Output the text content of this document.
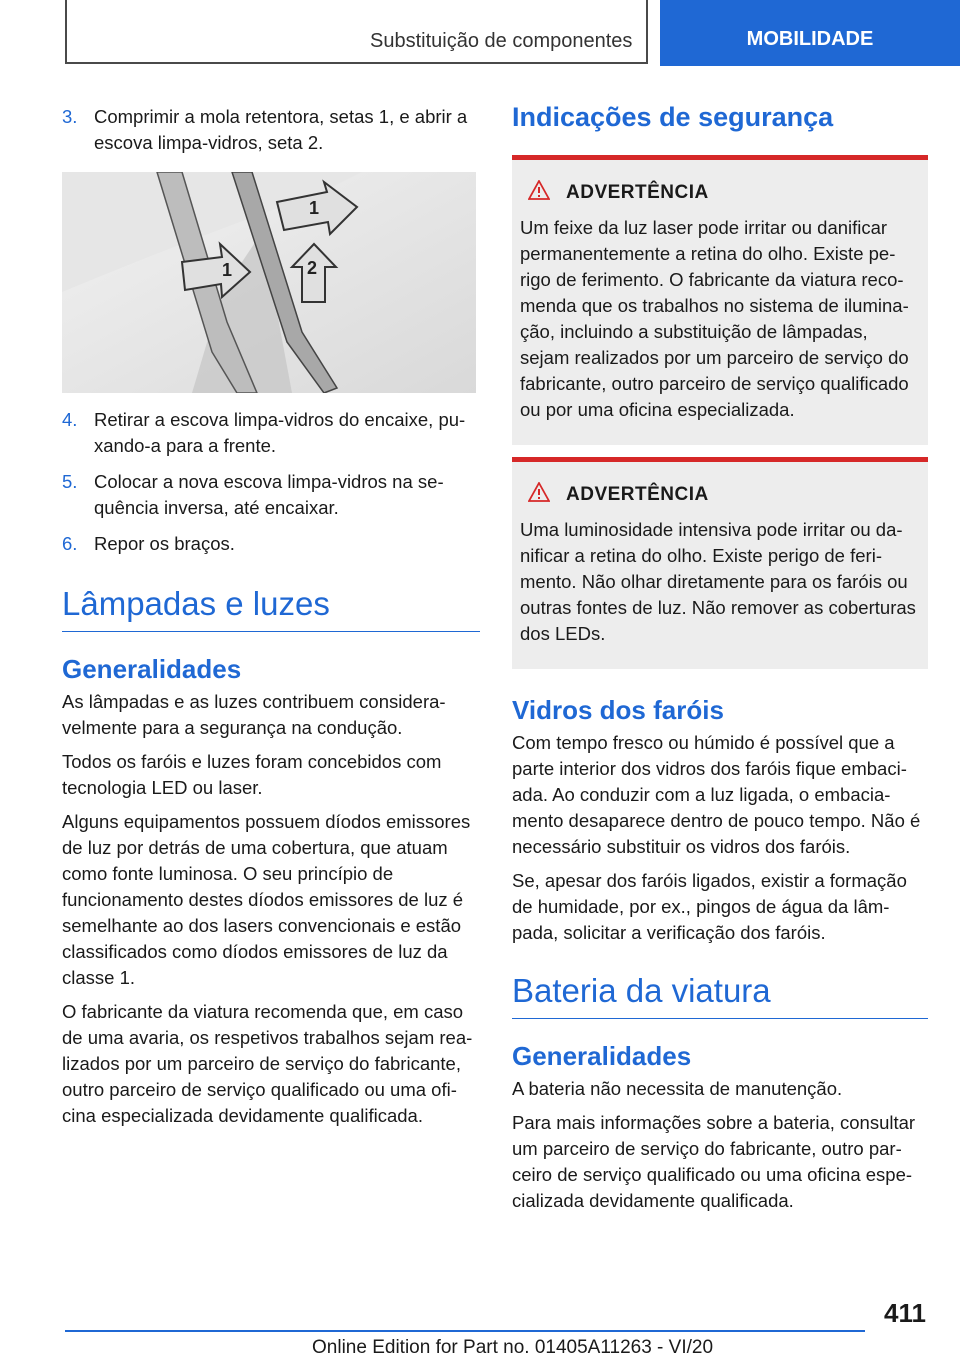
Substituição de componentes	MOBILIDADE
3. Comprimir a mola retentora, setas 1, e abrir a escova limpa-vidros, seta 2.
1
1	2
4. Retirar a escova limpa-vidros do encaixe, puxando-a para a frente.
5. Colocar a nova escova limpa-vidros na sequência inversa, até encaixar.
6. Repor os braços.
Lâmpadas e luzes
Generalidades

As lâmpadas e as luzes contribuem consideravelmente para a segurança na condução.

Todos os faróis e luzes foram concebidos com tecnologia LED ou laser.

Alguns equipamentos possuem díodos emissores de luz por detrás de uma cobertura, que atuam como fonte luminosa. O seu princípio de funcionamento destes díodos emissores de luz é semelhante ao dos lasers convencionais e estão classificados como díodos emissores de luz da classe 1.

O fabricante da viatura recomenda que, em caso de uma avaria, os respetivos trabalhos sejam realizados por um parceiro de serviço do fabricante, outro parceiro de serviço qualificado ou uma oficina especializada devidamente qualificada.

Indicações de segurança
ADVERTÊNCIA

Um feixe da luz laser pode irritar ou danificar permanentemente a retina do olho. Existe perigo de ferimento. O fabricante da viatura recomenda que os trabalhos no sistema de iluminação, incluindo a substituição de lâmpadas, sejam realizados por um parceiro de serviço do fabricante, outro parceiro de serviço qualificado ou por uma oficina especializada.

ADVERTÊNCIA

Uma luminosidade intensiva pode irritar ou danificar a retina do olho. Existe perigo de ferimento. Não olhar diretamente para os faróis ou outras fontes de luz. Não remover as coberturas dos LEDs.

Vidros dos faróis

Com tempo fresco ou húmido é possível que a parte interior dos vidros dos faróis fique embaciada. Ao conduzir com a luz ligada, o embaciamento desaparece dentro de pouco tempo. Não é necessário substituir os vidros dos faróis.

Se, apesar dos faróis ligados, existir a formação de humidade, por ex., pingos de água da lâmpada, solicitar a verificação dos faróis.

Bateria da viatura
Generalidades

A bateria não necessita de manutenção.

Para mais informações sobre a bateria, consultar um parceiro de serviço do fabricante, outro parceiro de serviço qualificado ou uma oficina especializada devidamente qualificada.

411
Online Edition for Part no. 01405A11263 - VI/20
